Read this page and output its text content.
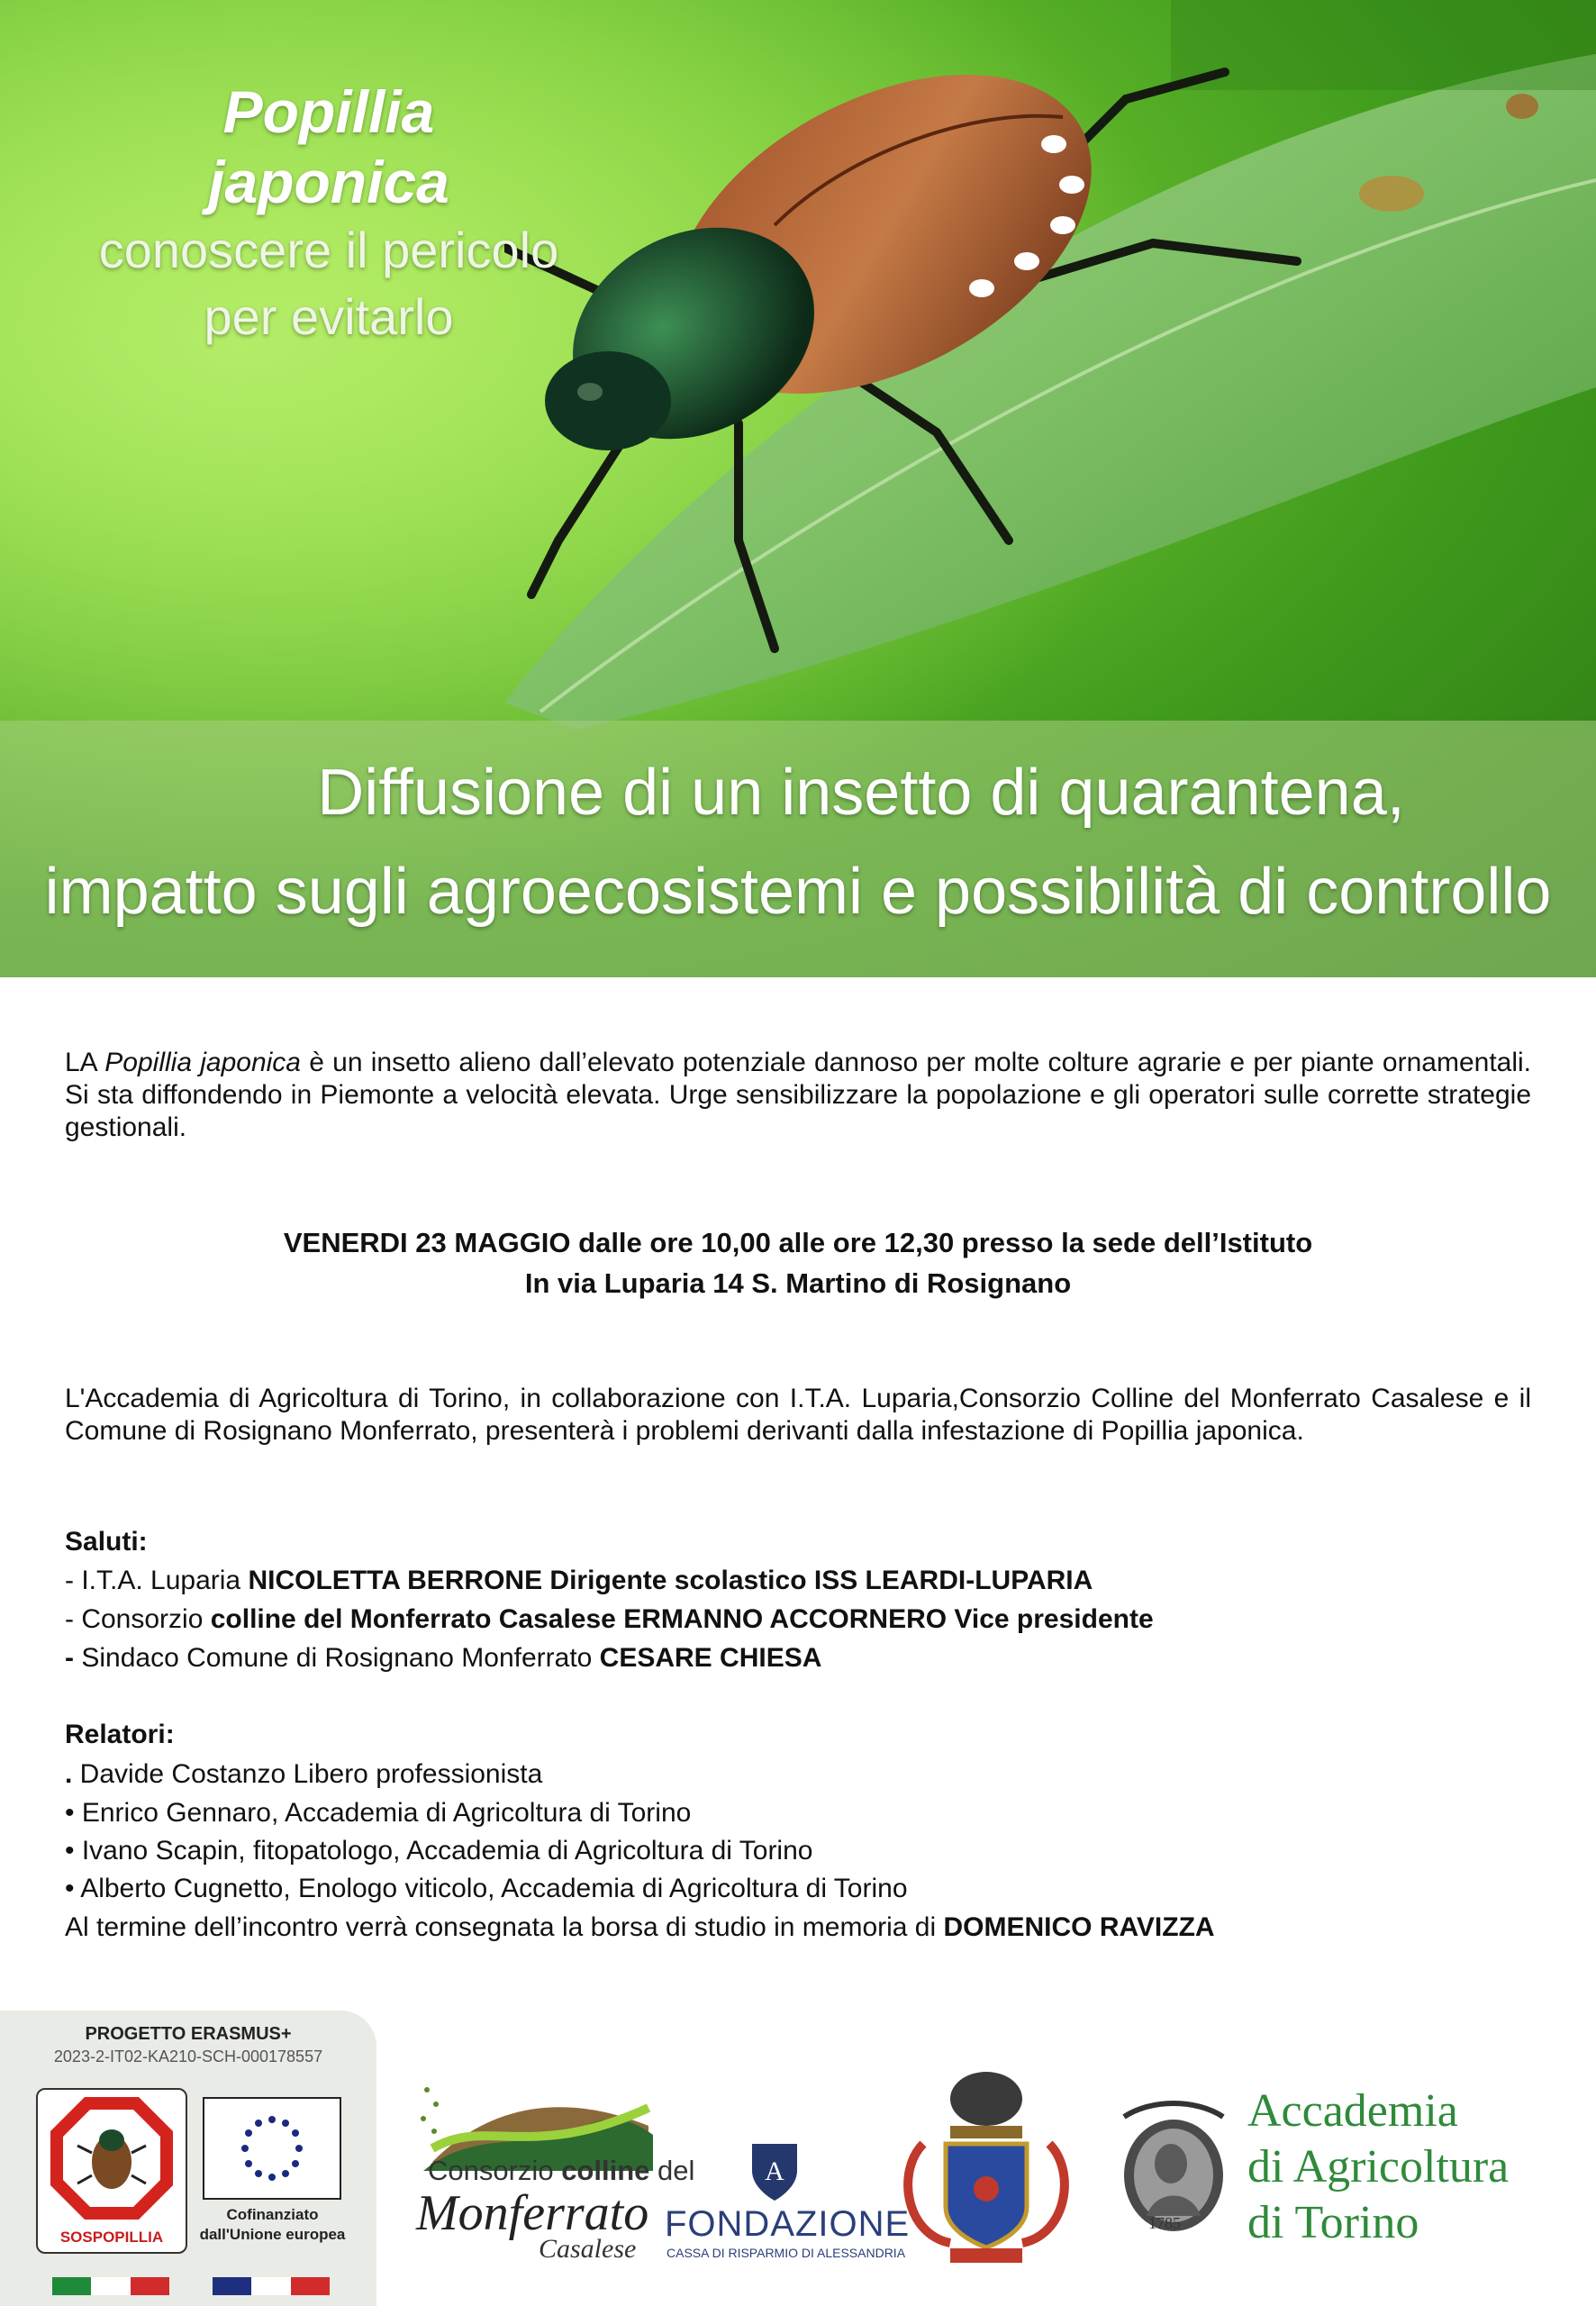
Popillia japonica
conoscere il pericolo
per evitarlo
Diffusione di un insetto di quarantena,
impatto sugli agroecosistemi e possibilità di controllo
LA Popillia japonica è un insetto alieno dall’elevato potenziale dannoso per molte colture agrarie e per piante ornamentali. Si sta diffondendo in Piemonte a velocità elevata. Urge sensibilizzare la popolazione e gli operatori sulle corrette strategie gestionali.
VENERDI 23 MAGGIO dalle ore 10,00 alle ore 12,30 presso la sede dell’Istituto
In via Luparia 14 S. Martino di Rosignano
L'Accademia di Agricoltura di Torino, in collaborazione con I.T.A. Luparia,Consorzio Colline del Monferrato Casalese e il Comune di Rosignano Monferrato, presenterà i problemi derivanti dalla infestazione di Popillia japonica.
Saluti:
- I.T.A. Luparia NICOLETTA BERRONE Dirigente scolastico ISS LEARDI-LUPARIA
- Consorzio colline del Monferrato Casalese ERMANNO ACCORNERO Vice presidente
- Sindaco Comune di Rosignano Monferrato CESARE CHIESA
Relatori:
. Davide Costanzo Libero professionista
• Enrico Gennaro, Accademia di Agricoltura di Torino
• Ivano Scapin, fitopatologo, Accademia di Agricoltura di Torino
• Alberto Cugnetto, Enologo viticolo, Accademia di Agricoltura di Torino
Al termine dell’incontro verrà consegnata la borsa di studio in memoria di DOMENICO RAVIZZA
PROGETTO ERASMUS+
2023-2-IT02-KA210-SCH-000178557
SOSPOPILLIA
Cofinanziato
dall'Unione europea
Consorzio colline del
Monferrato
Casalese
A
FONDAZIONE
CASSA DI RISPARMIO DI ALESSANDRIA
1785
Accademia
di Agricoltura
di Torino
